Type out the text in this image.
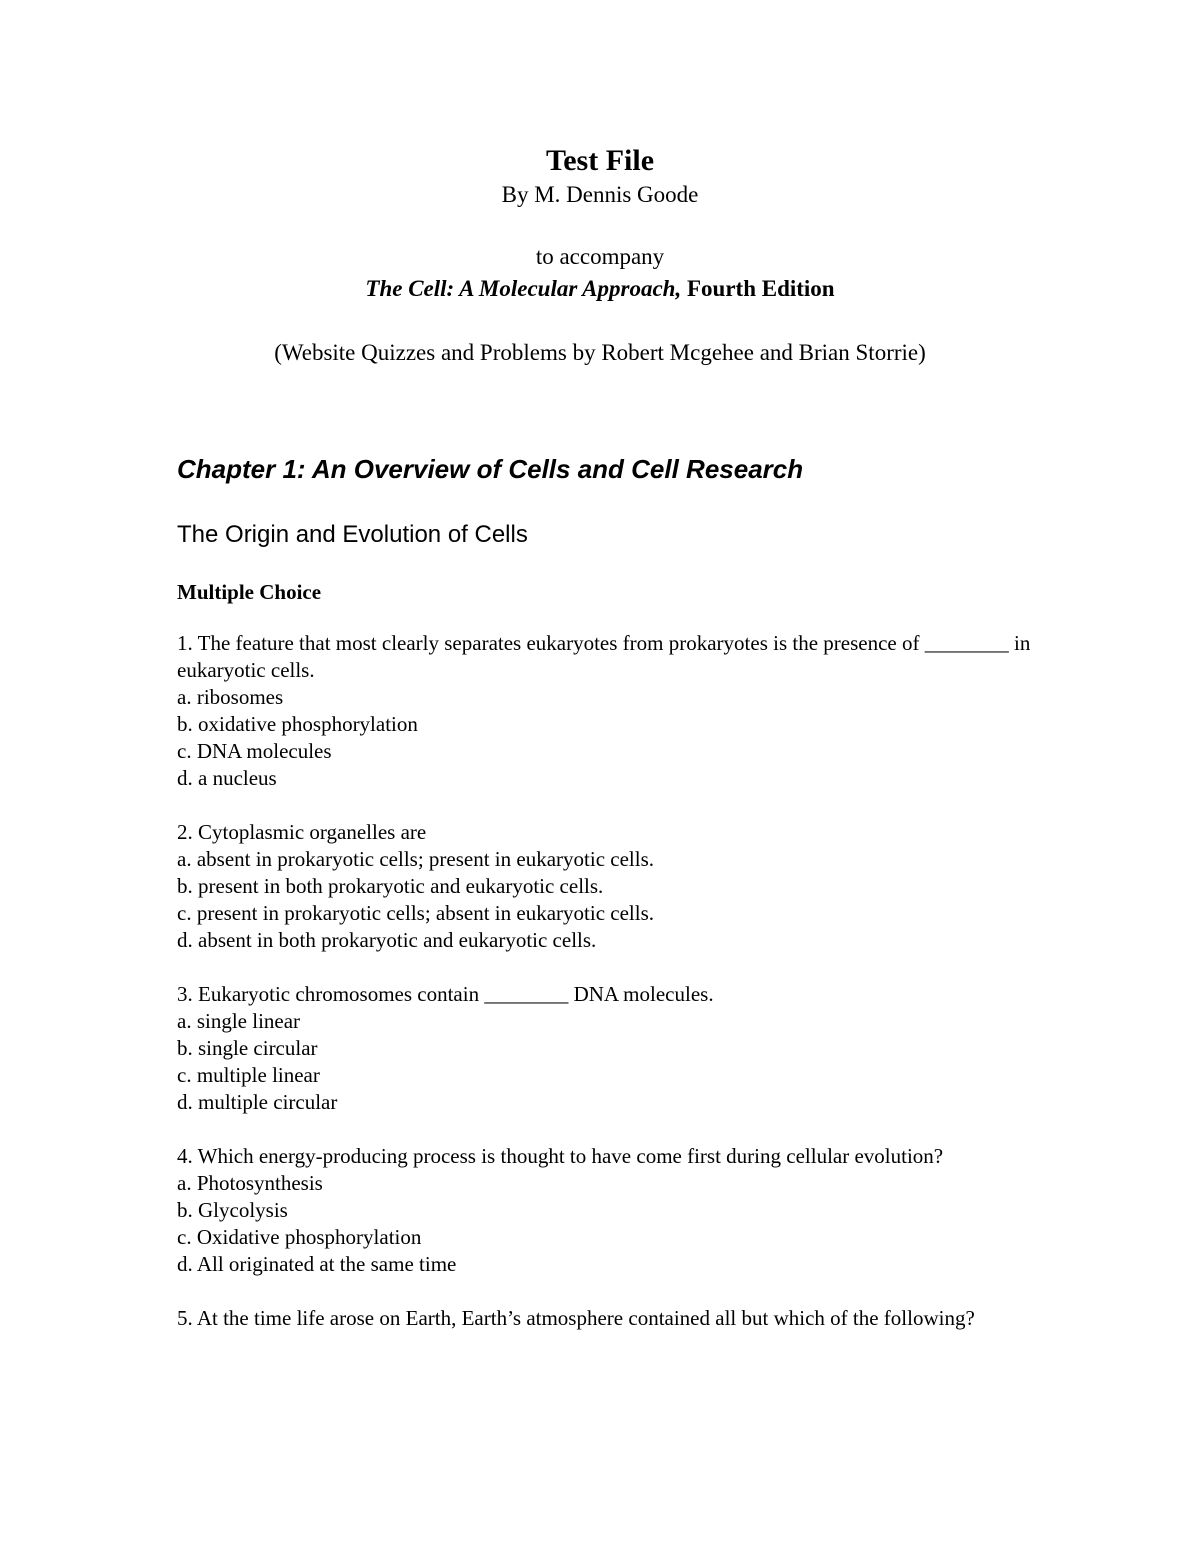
Test File
By M. Dennis Goode
to accompany
The Cell: A Molecular Approach, Fourth Edition
(Website Quizzes and Problems by Robert Mcgehee and Brian Storrie)
Chapter 1: An Overview of Cells and Cell Research
The Origin and Evolution of Cells
Multiple Choice
1. The feature that most clearly separates eukaryotes from prokaryotes is the presence of ________ in eukaryotic cells.
a. ribosomes
b. oxidative phosphorylation
c. DNA molecules
d. a nucleus
2. Cytoplasmic organelles are
a. absent in prokaryotic cells; present in eukaryotic cells.
b. present in both prokaryotic and eukaryotic cells.
c. present in prokaryotic cells; absent in eukaryotic cells.
d. absent in both prokaryotic and eukaryotic cells.
3. Eukaryotic chromosomes contain ________ DNA molecules.
a. single linear
b. single circular
c. multiple linear
d. multiple circular
4. Which energy-producing process is thought to have come first during cellular evolution?
a. Photosynthesis
b. Glycolysis
c. Oxidative phosphorylation
d. All originated at the same time
5. At the time life arose on Earth, Earth’s atmosphere contained all but which of the following?
